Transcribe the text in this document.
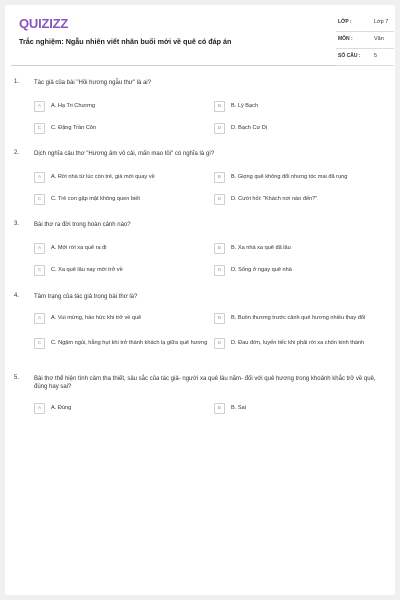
QUIZIZZ
Trắc nghiệm: Ngẫu nhiên viết nhân buổi mới về quê có đáp án
LỚP :	Lớp 7
MÔN :	Văn
SỐ CÂU : 5
1. Tác giả của bài "Hồi hương ngẫu thư" là ai?
A	A. Hạ Tri Chương	B	B. Lý Bạch
C	C. Đặng Trần Côn	D	D. Bạch Cư Dị
2. Dịch nghĩa câu thơ "Hương âm vô cải, mấn mao tồi" có nghĩa là gì?
A	A. Rời nhà từ lúc còn trẻ, già mới quay về	B	B. Giọng quê không đổi nhưng tóc mai đã rụng
C	C. Trẻ con gặp mặt không quen biết	D	D. Cười hỏi: "Khách nơi nào đến?"
3. Bài thơ ra đời trong hoàn cảnh nào?
A	A. Mới rời xa quê ra đi	B	B. Xa nhà xa quê đã lâu
C	C. Xa quê lâu nay mới trở về	D	D. Sống ở ngay quê nhà
4. Tâm trạng của tác giả trong bài thơ là?
A	A. Vui mừng, háo hức khi trở về quê	B	B. Buồn thương trước cảnh quê hương nhiều thay đổi
C	C. Ngậm ngùi, hẫng hụt khi trở thành khách lạ giữa quê hương	D	D. Đau đớn, luyến tiếc khi phải rời xa chốn kinh thành
5. Bài thơ thể hiện tình cảm tha thiết, sâu sắc của tác giả- người xa quê lâu năm- đối với quê hương trong khoảnh khắc trở về quê, đúng hay sai?
A	A. Đúng	B	B. Sai
